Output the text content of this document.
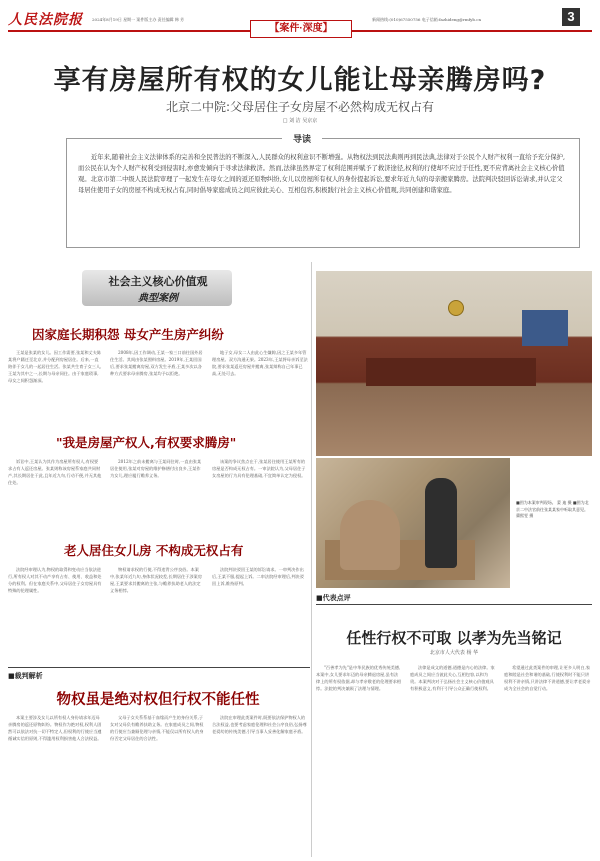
人民法院报 2024年8月19日 星期一 案件版主办 责任编辑 韩 芳	新闻热线:(010)67550756 电子信箱:fazhideng@rmfyb.cn	3
【案件·深度】
享有房屋所有权的女儿能让母亲腾房吗?
北京二中院:父母居住子女房屋不必然构成无权占有
□ 刘 洁 吴京京
导读
近年来,随着社会主义法律体系的完善和全民普法的不断深入,人民群众的权利意识不断增强。从物权法到民法典则再到民法典,法律对于公民个人财产权利一直给予充分保护,而公民在认为个人财产权利受到侵害时,亦愈发倾向于寻求法律救济。然而,法律虽然界定了权利范围并赋予了救济途径,权利的行使却不应过于任性,更不应背离社会主义核心价值观。北京市第二中级人民法院审理了一起发生在母女之间的返还原物纠纷,女儿以房屋所有权人的身份提起诉讼,要求年近九旬的母亲搬家腾房。法院判决驳回诉讼请求,并认定父母居住使用子女的房屋不构成无权占有,同时倡导家庭成员之间应彼此关心、互相包容,积极践行社会主义核心价值观,共同创建和谐家庭。
社会主义核心价值观
典型案例
因家庭长期积怨 母女产生房产纠纷
王某是张某的女儿。因工作需要,张某和丈夫陈某将户籍迁至北京,并分配到房屋居住。后来,一直陪伴于女儿的一起居住生活。张某共生育子女三人,王某为其中之一,长期与母亲同住。由于家庭琐事,母女之间积怨渐深。
2008年,因工作调动,王某一家三口前往国外居住生活。其间由张某照料房屋。2019年,王某回国后,要求张某搬离房屋,双方发生矛盾,王某多次以各种方式要求母亲腾房,张某均予以拒绝。
地子女,母女二人由此心生嫌隙,因之王某多年管理房屋。双方沟通无果。2023年,王某将母亲诉至法院,要求张某返还房屋并搬离,张某辩称自己年事已高,无处可去。
"我是房屋产权人,有权要求腾房"
诉讼中,王某认为其作为房屋所有权人,有权要求占有人返还房屋。张某则称该房屋系家庭共同财产,其长期居住于此,且年近九旬,行动不便,并无其他住处。
2012年之前未搬离与王某同住时,一直由张某居住使用,张某对房屋的维护修缮付出良多,王某作为女儿,理应履行赡养义务。
该案的争议焦点在于,张某居住使用王某所有的房屋是否构成无权占有。一审法院认为,父母居住子女房屋的行为具有伦理基础,不宜简单认定为侵权。
老人居住女儿房 不构成无权占有
法院经审理认为,物权的取得和变动应当依法进行,所有权人对其不动产享有占有、使用、收益和处分的权利。但在家庭关系中,父母居住子女房屋具有特殊的伦理属性。
物权请求权的行使,不得违背公序良俗。本案中,张某年近九旬,身体状况较差,长期居住于涉案房屋,王某要求其搬离的主张,与赡养扶助老人的法定义务相悖。
法院判决驳回王某的诉讼请求。一审判决作出后,王某不服,提起上诉。二审法院经审理后,判决驳回上诉,维持原判。
■图为本案审判现场。 蒙 迪 摄 ■图为北京二中法官前往张某某家中听取其意见。 冀熙雯 摄
■代表点评
任性行权不可取 以孝为先当铭记
北京市人大代表 杨 华
"百善孝为先"是中华民族的优秀传统美德,本案中,女儿要求年迈的母亲腾退房屋,虽有法律上的所有权依据,却与孝亲敬老的伦理要求相悖。法院的判决兼顾了法理与情理。
法律是成文的道德,道德是内心的法律。家庭成员之间应当彼此关心,互相包容,以和为贵。本案判决对于弘扬社会主义核心价值观具有积极意义,有利于引导公众正确行使权利。
希望通过此类案件的审理,让更多人明白,家庭和睦是社会和谐的基础,行使权利时不能只讲权利不讲亲情,只讲法律不讲道德,要让孝老爱亲成为全社会的自觉行动。
■裁判解析
物权虽是绝对权但行权不能任性
本案主要涉及女儿以所有权人身份请求年迈母亲腾房的返还原物纠纷。物权作为绝对权,权利人固然可以依法对抗一切不特定人,但权利的行使应当遵循诚实信用原则,不得滥用权利损害他人合法权益。
父母子女关系系基于血缘而产生的身份关系,子女对父母负有赡养扶助义务。在家庭成员之间,物权的行使应当兼顾伦理与亲情,不能仅以所有权人的身份否定父母居住的合法性。
法院在审理此类案件时,既要依法保护物权人的合法权益,也要考虑家庭伦理和社会公序良俗,弘扬尊老爱幼的传统美德,引导当事人妥善化解家庭矛盾。
